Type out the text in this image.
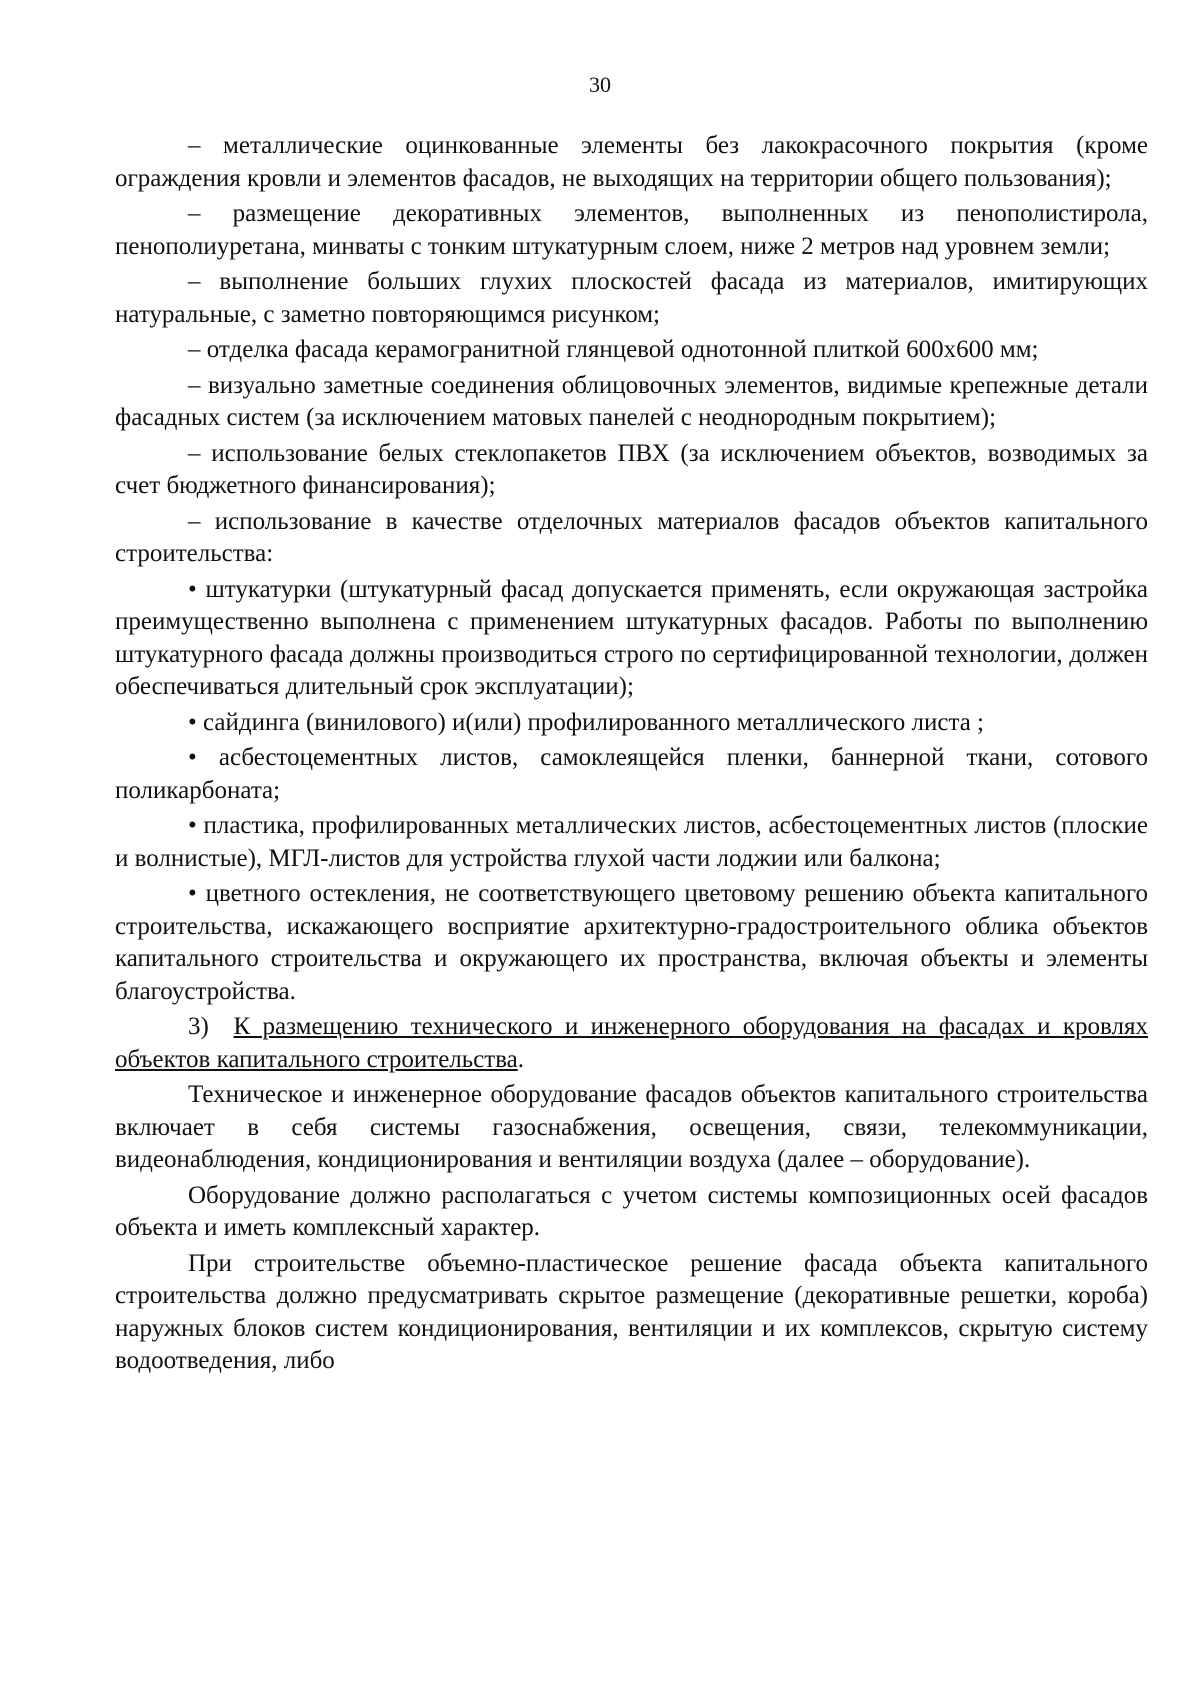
30

– металлические оцинкованные элементы без лакокрасочного покрытия (кроме ограждения кровли и элементов фасадов, не выходящих на территории общего пользования);

– размещение декоративных элементов, выполненных из пенополистирола, пенополиуретана, минваты с тонким штукатурным слоем, ниже 2 метров над уровнем земли;

– выполнение больших глухих плоскостей фасада из материалов, имитирующих натуральные, с заметно повторяющимся рисунком;

– отделка фасада керамогранитной глянцевой однотонной плиткой 600х600 мм;

– визуально заметные соединения облицовочных элементов, видимые крепежные детали фасадных систем (за исключением матовых панелей с неоднородным покрытием);

– использование белых стеклопакетов ПВХ (за исключением объектов, возводимых за счет бюджетного финансирования);

– использование в качестве отделочных материалов фасадов объектов капитального строительства:

• штукатурки (штукатурный фасад допускается применять, если окружающая застройка преимущественно выполнена с применением штукатурных фасадов. Работы по выполнению штукатурного фасада должны производиться строго по сертифицированной технологии, должен обеспечиваться длительный срок эксплуатации);

• сайдинга (винилового) и(или) профилированного металлического листа ;

• асбестоцементных листов, самоклеящейся пленки, баннерной ткани, сотового поликарбоната;

• пластика, профилированных металлических листов, асбестоцементных листов (плоские и волнистые), МГЛ-листов для устройства глухой части лоджии или балкона;

• цветного остекления, не соответствующего цветовому решению объекта капитального строительства, искажающего восприятие архитектурно-градостроительного облика объектов капитального строительства и окружающего их пространства, включая объекты и элементы благоустройства.

3) К размещению технического и инженерного оборудования на фасадах и кровлях объектов капитального строительства.

Техническое и инженерное оборудование фасадов объектов капитального строительства включает в себя системы газоснабжения, освещения, связи, телекоммуникации, видеонаблюдения, кондиционирования и вентиляции воздуха (далее – оборудование).

Оборудование должно располагаться с учетом системы композиционных осей фасадов объекта и иметь комплексный характер.

При строительстве объемно-пластическое решение фасада объекта капитального строительства должно предусматривать скрытое размещение (декоративные решетки, короба) наружных блоков систем кондиционирования, вентиляции и их комплексов, скрытую систему водоотведения, либо
